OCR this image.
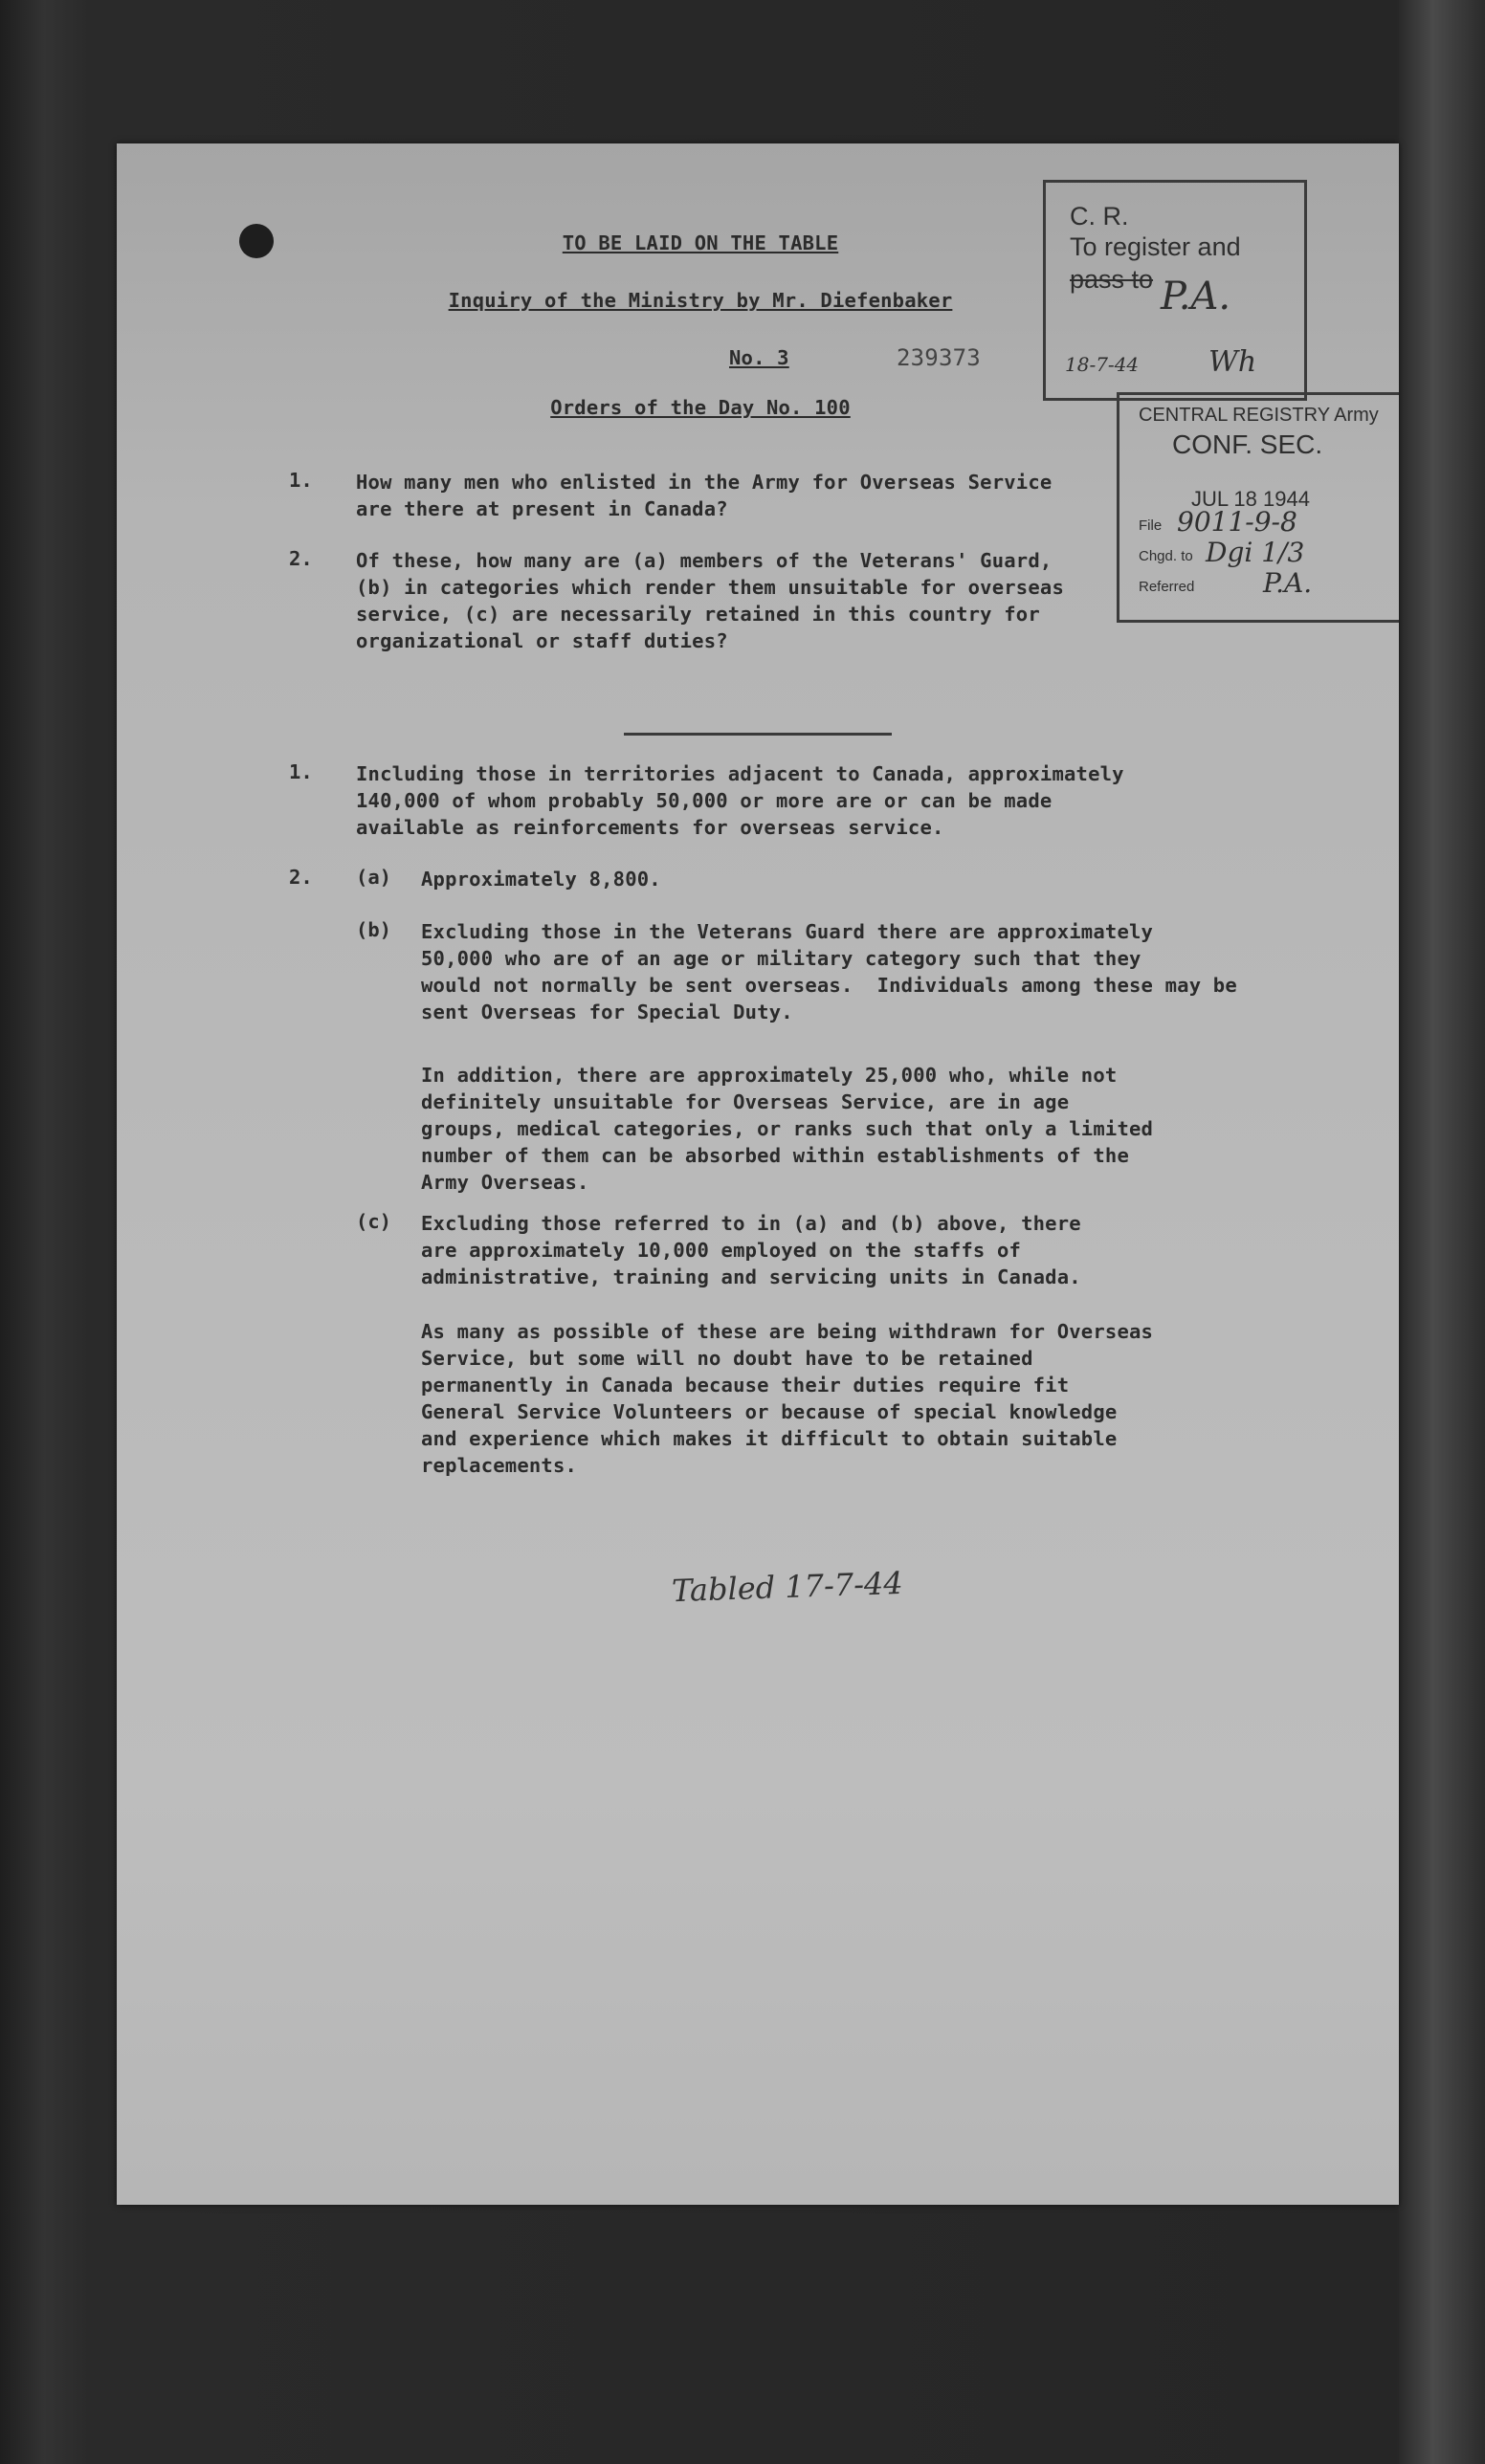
TO BE LAID ON THE TABLE
Inquiry of the Ministry by Mr. Diefenbaker
No. 3	239373
Orders of the Day No. 100
1. How many men who enlisted in the Army for Overseas Service
are there at present in Canada?
2. Of these, how many are (a) members of the Veterans' Guard,
(b) in categories which render them unsuitable for overseas
service, (c) are necessarily retained in this country for
organizational or staff duties?
1. Including those in territories adjacent to Canada, approximately
140,000 of whom probably 50,000 or more are or can be made
available as reinforcements for overseas service.
2. (a) Approximately 8,800.
(b) Excluding those in the Veterans Guard there are approximately
50,000 who are of an age or military category such that they
would not normally be sent overseas.  Individuals among these may be
sent Overseas for Special Duty.
In addition, there are approximately 25,000 who, while not
definitely unsuitable for Overseas Service, are in age
groups, medical categories, or ranks such that only a limited
number of them can be absorbed within establishments of the
Army Overseas.
(c) Excluding those referred to in (a) and (b) above, there
are approximately 10,000 employed on the staffs of
administrative, training and servicing units in Canada.
As many as possible of these are being withdrawn for Overseas
Service, but some will no doubt have to be retained
permanently in Canada because their duties require fit
General Service Volunteers or because of special knowledge
and experience which makes it difficult to obtain suitable
replacements.
C. R.
To register and
pass to P.A.
18-7-44 Wh
CENTRAL REGISTRY Army
CONF. SEC.
JUL 18 1944
File 9011-9-8
Chgd. to Dgi 1/3
Referred	P.A.
Tabled 17-7-44
